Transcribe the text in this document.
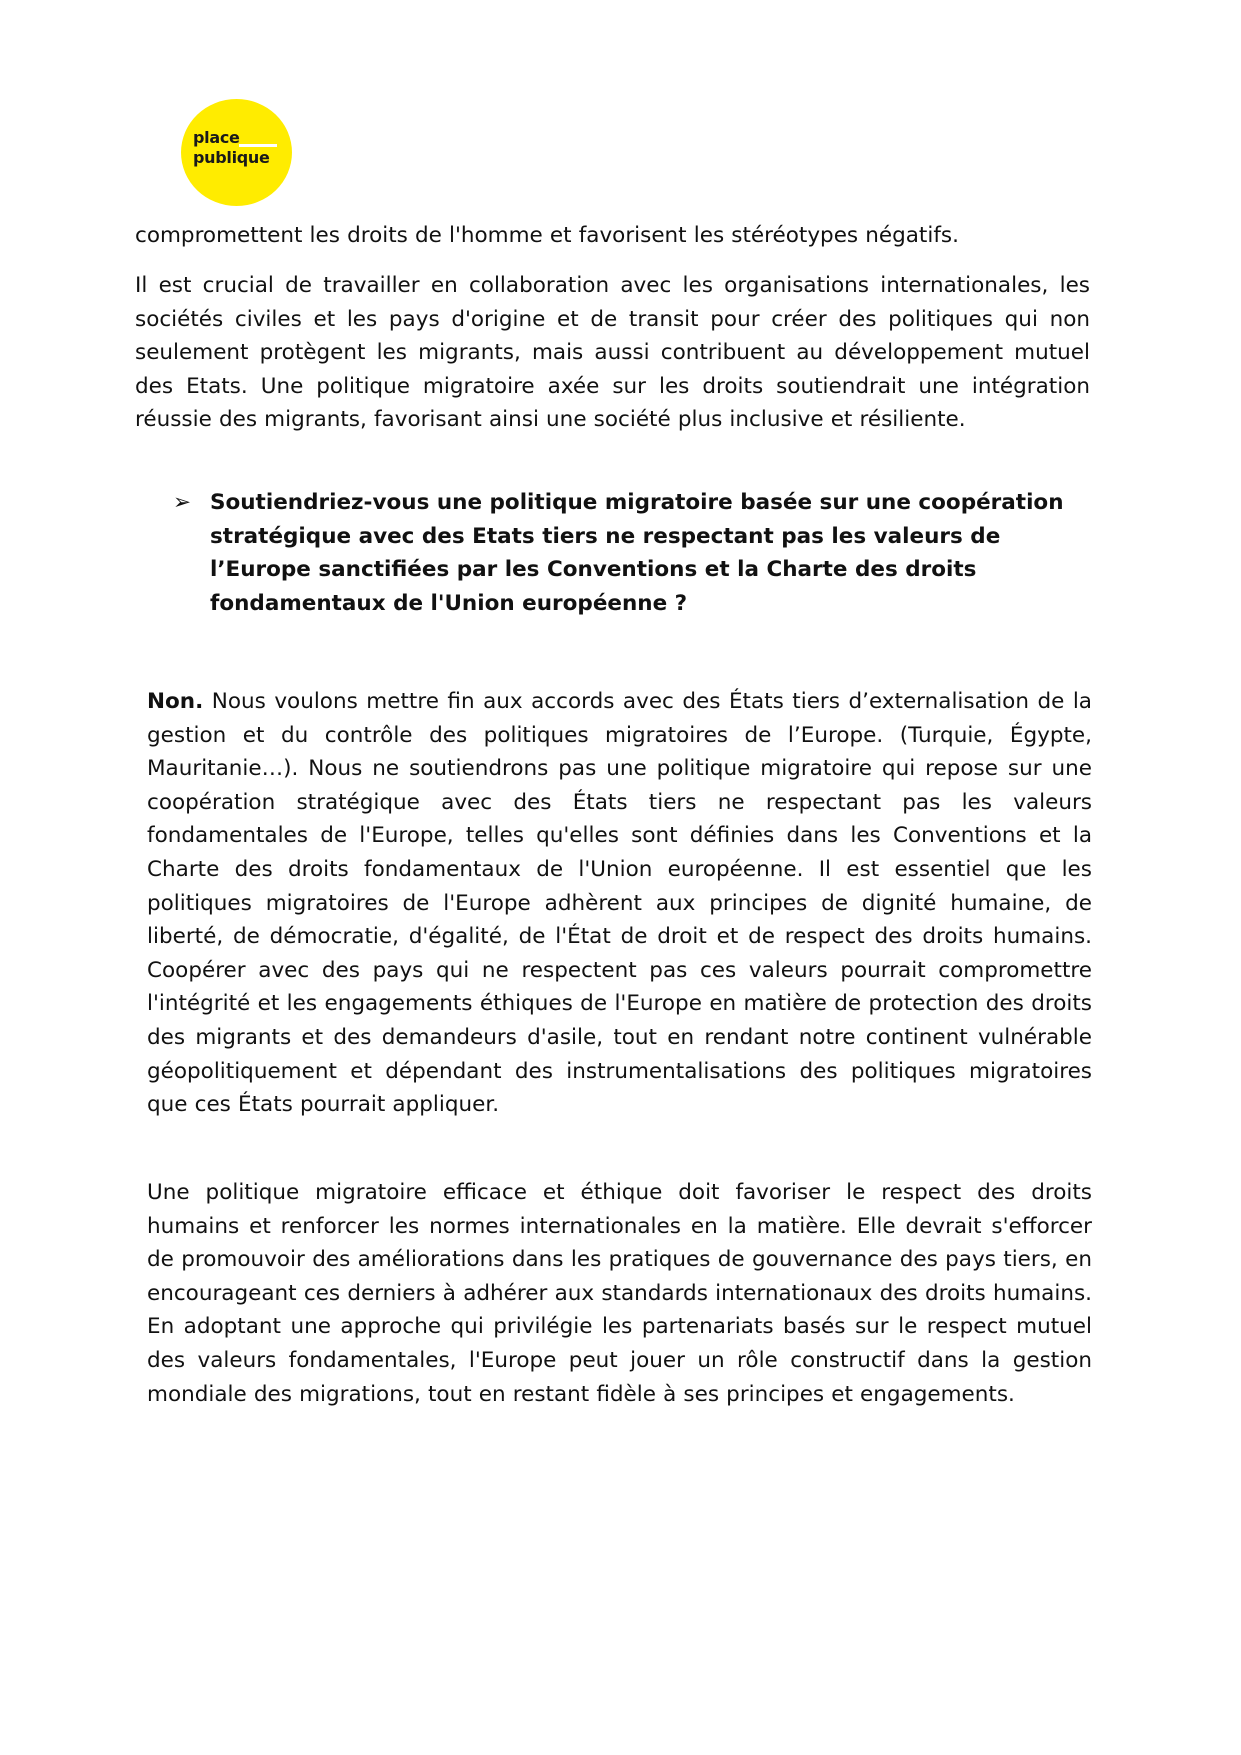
place
publique

compromettent les droits de l'homme et favorisent les stéréotypes négatifs.

Il est crucial de travailler en collaboration avec les organisations internationales, les sociétés civiles et les pays d'origine et de transit pour créer des politiques qui non seulement protègent les migrants, mais aussi contribuent au développement mutuel des Etats. Une politique migratoire axée sur les droits soutiendrait une intégration réussie des migrants, favorisant ainsi une société plus inclusive et résiliente.

➢ Soutiendriez-vous une politique migratoire basée sur une coopération stratégique avec des Etats tiers ne respectant pas les valeurs de l’Europe sanctifiées par les Conventions et la Charte des droits fondamentaux de l'Union européenne ?

Non. Nous voulons mettre fin aux accords avec des États tiers d’externalisation de la gestion et du contrôle des politiques migratoires de l’Europe. (Turquie, Égypte, Mauritanie…). Nous ne soutiendrons pas une politique migratoire qui repose sur une coopération stratégique avec des États tiers ne respectant pas les valeurs fondamentales de l'Europe, telles qu'elles sont définies dans les Conventions et la Charte des droits fondamentaux de l'Union européenne. Il est essentiel que les politiques migratoires de l'Europe adhèrent aux principes de dignité humaine, de liberté, de démocratie, d'égalité, de l'État de droit et de respect des droits humains. Coopérer avec des pays qui ne respectent pas ces valeurs pourrait compromettre l'intégrité et les engagements éthiques de l'Europe en matière de protection des droits des migrants et des demandeurs d'asile, tout en rendant notre continent vulnérable géopolitiquement et dépendant des instrumentalisations des politiques migratoires que ces États pourrait appliquer.

Une politique migratoire efficace et éthique doit favoriser le respect des droits humains et renforcer les normes internationales en la matière. Elle devrait s'efforcer de promouvoir des améliorations dans les pratiques de gouvernance des pays tiers, en encourageant ces derniers à adhérer aux standards internationaux des droits humains. En adoptant une approche qui privilégie les partenariats basés sur le respect mutuel des valeurs fondamentales, l'Europe peut jouer un rôle constructif dans la gestion mondiale des migrations, tout en restant fidèle à ses principes et engagements.
